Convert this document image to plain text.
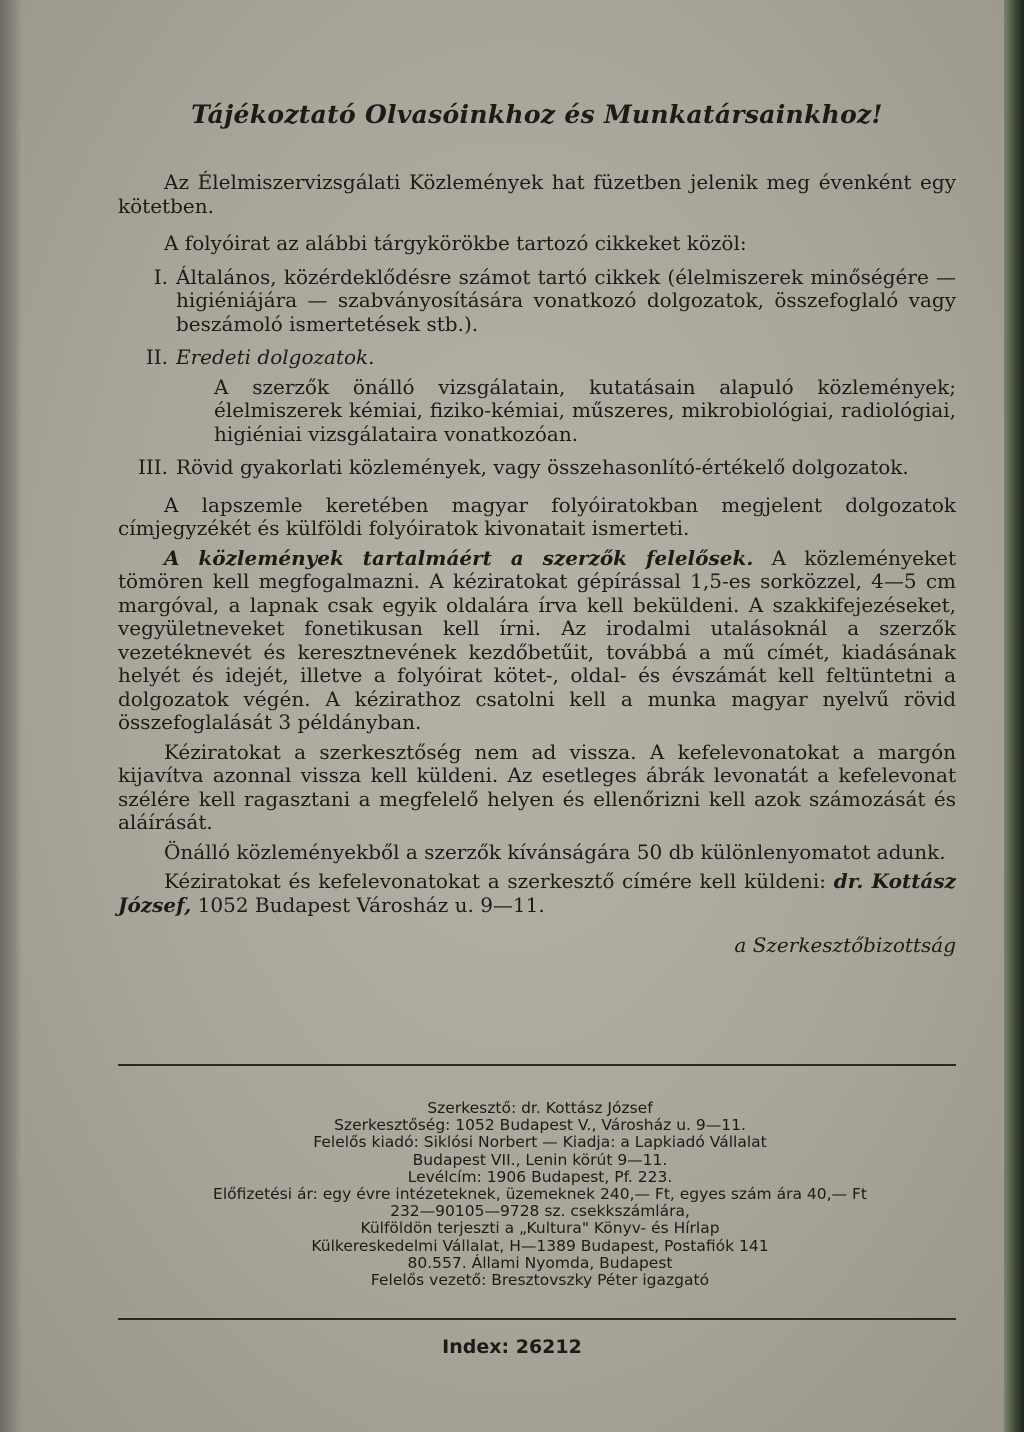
Tájékoztató Olvasóinkhoz és Munkatársainkhoz!

Az Élelmiszervizsgálati Közlemények hat füzetben jelenik meg évenként egy kötetben.

A folyóirat az alábbi tárgykörökbe tartozó cikkeket közöl:

I. Általános, közérdeklődésre számot tartó cikkek (élelmiszerek minőségére — higiéniájára — szabványosítására vonatkozó dolgozatok, összefoglaló vagy beszámoló ismertetések stb.).

II. Eredeti dolgozatok.

A szerzők önálló vizsgálatain, kutatásain alapuló közlemények; élelmiszerek kémiai, fiziko-kémiai, műszeres, mikrobiológiai, radiológiai, higiéniai vizsgálataira vonatkozóan.

III. Rövid gyakorlati közlemények, vagy összehasonlító-értékelő dolgozatok.

A lapszemle keretében magyar folyóiratokban megjelent dolgozatok címjegyzékét és külföldi folyóiratok kivonatait ismerteti.

A közlemények tartalmáért a szerzők felelősek. A közleményeket tömören kell megfogalmazni. A kéziratokat gépírással 1,5-es sorközzel, 4—5 cm margóval, a lapnak csak egyik oldalára írva kell beküldeni. A szakkifejezéseket, vegyületneveket fonetikusan kell írni. Az irodalmi utalásoknál a szerzők vezetéknevét és keresztnevének kezdőbetűit, továbbá a mű címét, kiadásának helyét és idejét, illetve a folyóirat kötet-, oldal- és évszámát kell feltüntetni a dolgozatok végén. A kézirathoz csatolni kell a munka magyar nyelvű rövid összefoglalását 3 példányban.

Kéziratokat a szerkesztőség nem ad vissza. A kefelevonatokat a margón kijavítva azonnal vissza kell küldeni. Az esetleges ábrák levonatát a kefelevonat szélére kell ragasztani a megfelelő helyen és ellenőrizni kell azok számozását és aláírását.

Önálló közleményekből a szerzők kívánságára 50 db különlenyomatot adunk.

Kéziratokat és kefelevonatokat a szerkesztő címére kell küldeni: dr. Kottász József, 1052 Budapest Városház u. 9—11.

a Szerkesztőbizottság
Szerkesztő: dr. Kottász József
Szerkesztőség: 1052 Budapest V., Városház u. 9—11.
Felelős kiadó: Siklósi Norbert — Kiadja: a Lapkiadó Vállalat
Budapest VII., Lenin körút 9—11.
Levélcím: 1906 Budapest, Pf. 223.
Előfizetési ár: egy évre intézeteknek, üzemeknek 240,— Ft, egyes szám ára 40,— Ft
232—90105—9728 sz. csekkszámlára,
Külföldön terjeszti a „Kultura" Könyv- és Hírlap
Külkereskedelmi Vállalat, H—1389 Budapest, Postafiók 141
80.557. Állami Nyomda, Budapest
Felelős vezető: Bresztovszky Péter igazgató
Index: 26212
